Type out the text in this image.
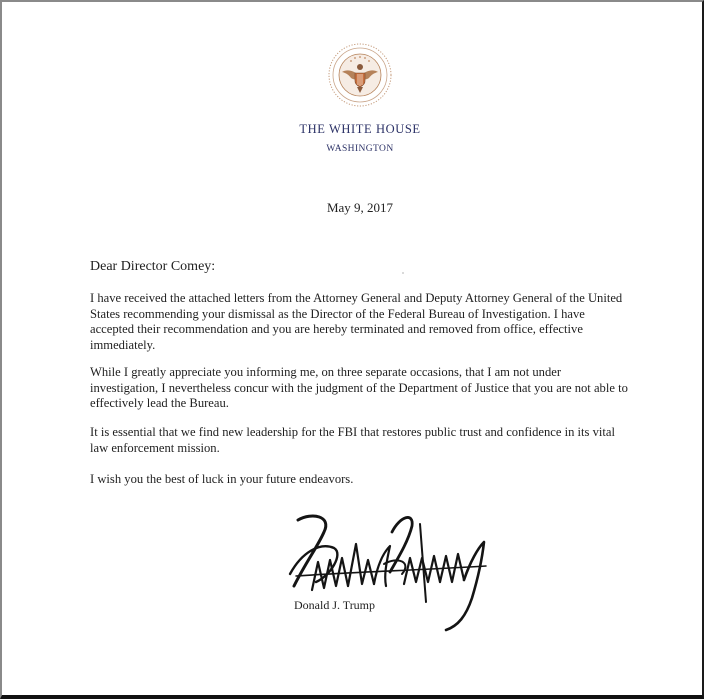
THE WHITE HOUSE
WASHINGTON
May 9, 2017
Dear Director Comey:

I have received the attached letters from the Attorney General and Deputy Attorney General of the United States recommending your dismissal as the Director of the Federal Bureau of Investigation. I have accepted their recommendation and you are hereby terminated and removed from office, effective immediately.

While I greatly appreciate you informing me, on three separate occasions, that I am not under investigation, I nevertheless concur with the judgment of the Department of Justice that you are not able to effectively lead the Bureau.

It is essential that we find new leadership for the FBI that restores public trust and confidence in its vital law enforcement mission.

I wish you the best of luck in your future endeavors.

Donald J. Trump
